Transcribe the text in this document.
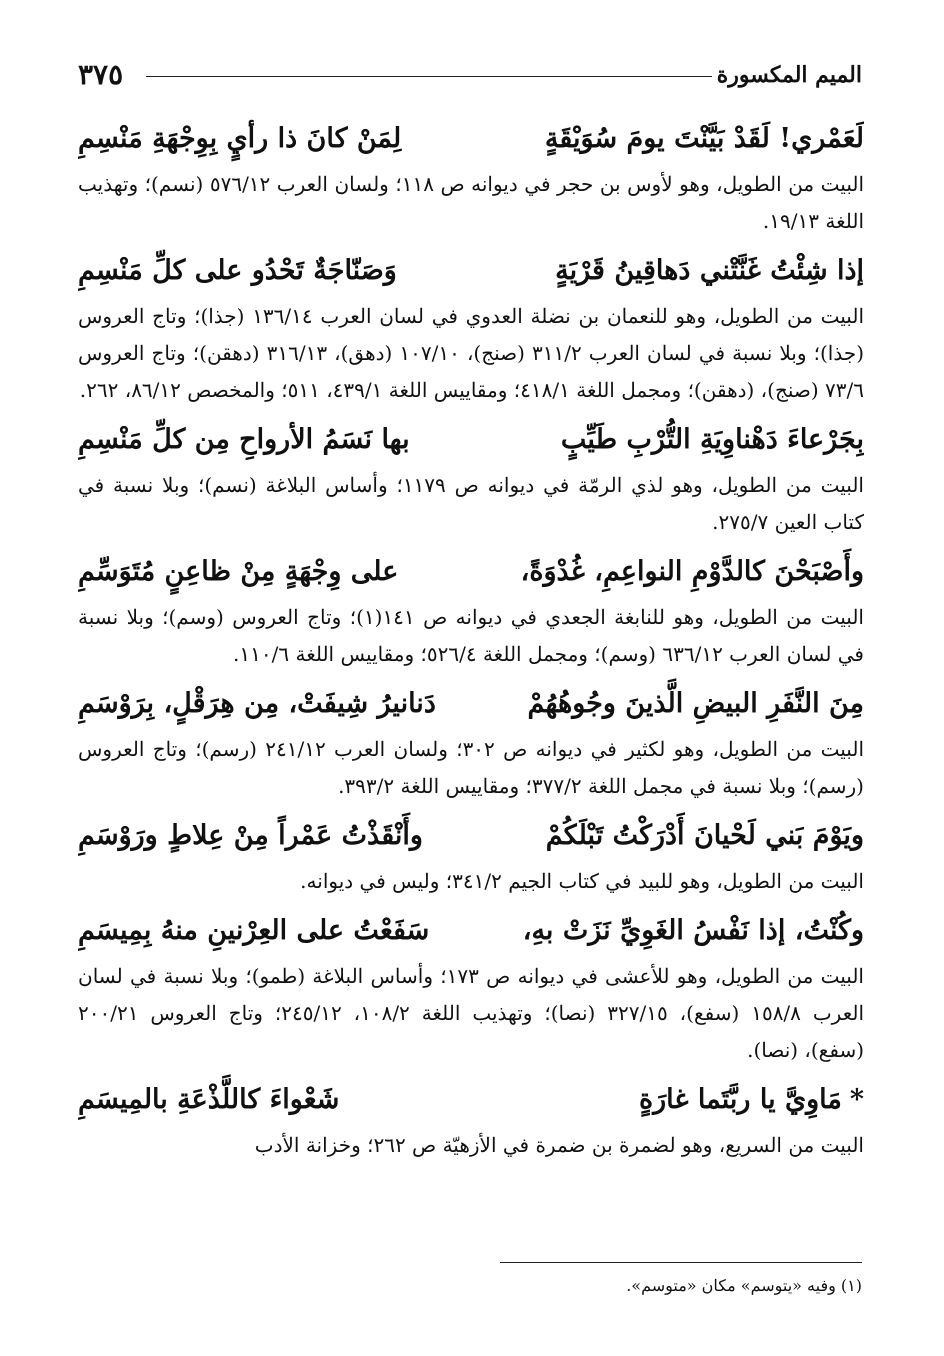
٣٧٥	الميم المكسورة
لَعَمْري! لَقَدْ بَيَّنْتَ يومَ سُوَيْقَةٍ
لِمَنْ كانَ ذا رأيٍ بِوِجْهَةِ مَنْسِمِ

البيت من الطويل، وهو لأوس بن حجر في ديوانه ص ١١٨؛ ولسان العرب ٥٧٦/١٢ (نسم)؛ وتهذيب اللغة ١٩/١٣.

إذا شِئْتُ غَنَّتْني دَهاقِينُ قَرْيَةٍ
وَصَنّاجَةٌ تَحْدُو على كلِّ مَنْسِمِ

البيت من الطويل، وهو للنعمان بن نضلة العدوي في لسان العرب ١٣٦/١٤ (جذا)؛ وتاج العروس (جذا)؛ وبلا نسبة في لسان العرب ٣١١/٢ (صنج)، ١٠٧/١٠ (دهق)، ٣١٦/١٣ (دهقن)؛ وتاج العروس ٧٣/٦ (صنج)، (دهقن)؛ ومجمل اللغة ٤١٨/١؛ ومقاييس اللغة ٤٣٩/١، ٥١١؛ والمخصص ٨٦/١٢، ٢٦٢.

بِجَرْعاءَ دَهْناوِيَةِ التُّرْبِ طَيِّبٍ
بها نَسَمُ الأرواحِ مِن كلِّ مَنْسِمِ

البيت من الطويل، وهو لذي الرمّة في ديوانه ص ١١٧٩؛ وأساس البلاغة (نسم)؛ وبلا نسبة في كتاب العين ٢٧٥/٧.

وأَصْبَحْنَ كالدَّوْمِ النواعِمِ، غُدْوَةً،
على وِجْهَةٍ مِنْ ظاعِنٍ مُتَوَسِّمِ

البيت من الطويل، وهو للنابغة الجعدي في ديوانه ص ١٤١(١)؛ وتاج العروس (وسم)؛ وبلا نسبة في لسان العرب ٦٣٦/١٢ (وسم)؛ ومجمل اللغة ٥٢٦/٤؛ ومقاييس اللغة ١١٠/٦.

مِنَ النَّفَرِ البيضِ الَّذينَ وجُوهُهُمْ
دَنانيرُ شِيفَتْ، مِن هِرَقْلٍ، بِرَوْسَمِ

البيت من الطويل، وهو لكثير في ديوانه ص ٣٠٢؛ ولسان العرب ٢٤١/١٢ (رسم)؛ وتاج العروس (رسم)؛ وبلا نسبة في مجمل اللغة ٣٧٧/٢؛ ومقاييس اللغة ٣٩٣/٢.

ويَوْمَ بَني لَحْيانَ أَدْرَكْتُ تَبْلَكُمْ
وأَنْقَذْتُ عَمْراً مِنْ عِلاطٍ ورَوْسَمِ

البيت من الطويل، وهو للبيد في كتاب الجيم ٣٤١/٢؛ وليس في ديوانه.

وكُنْتُ، إذا نَفْسُ الغَوِيِّ نَزَتْ بهِ،
سَفَعْتُ على العِرْنينِ منهُ بِمِيسَمِ

البيت من الطويل، وهو للأعشى في ديوانه ص ١٧٣؛ وأساس البلاغة (طمو)؛ وبلا نسبة في لسان العرب ١٥٨/٨ (سفع)، ٣٢٧/١٥ (نصا)؛ وتهذيب اللغة ١٠٨/٢، ٢٤٥/١٢؛ وتاج العروس ٢٠٠/٢١ (سفع)، (نصا).

*
مَاوِيَّ يا ربَّتَما غارَةٍ
شَعْواءَ كاللَّذْعَةِ بالمِيسَمِ

البيت من السريع، وهو لضمرة بن ضمرة في الأزهيّة ص ٢٦٢؛ وخزانة الأدب

(١) وفيه «يتوسم» مكان «متوسم».
